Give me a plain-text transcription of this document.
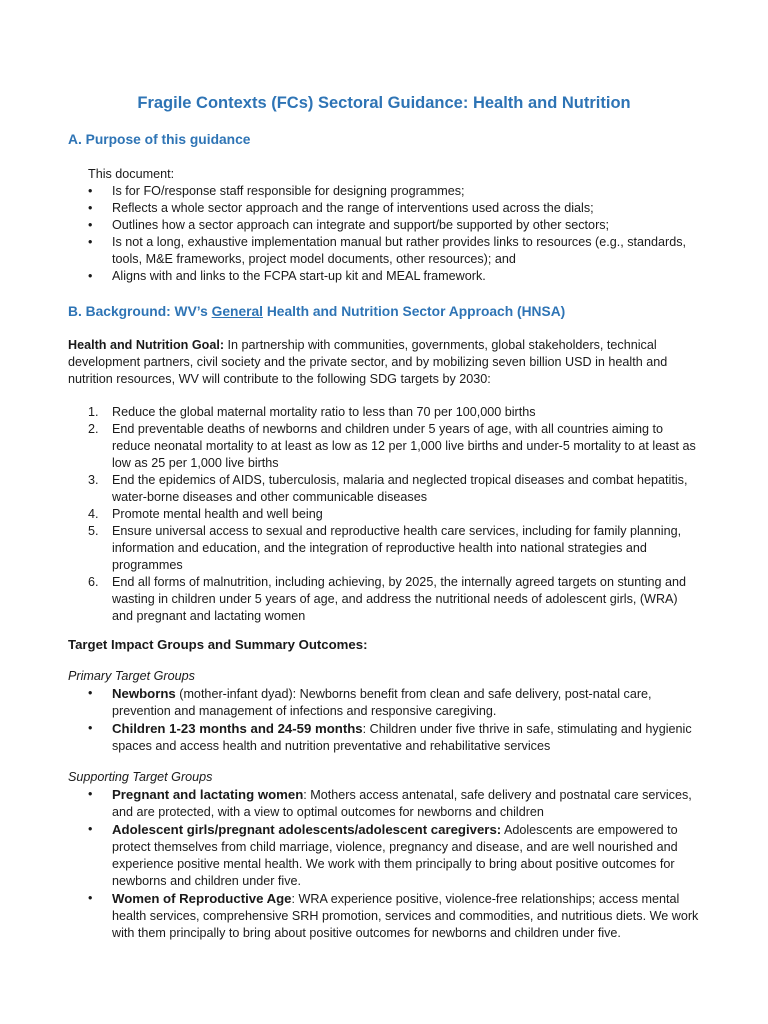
Fragile Contexts (FCs) Sectoral Guidance: Health and Nutrition
A. Purpose of this guidance
This document:
• Is for FO/response staff responsible for designing programmes;
• Reflects a whole sector approach and the range of interventions used across the dials;
• Outlines how a sector approach can integrate and support/be supported by other sectors;
• Is not a long, exhaustive implementation manual but rather provides links to resources (e.g., standards, tools, M&E frameworks, project model documents, other resources); and
• Aligns with and links to the FCPA start-up kit and MEAL framework.
B. Background: WV’s General Health and Nutrition Sector Approach (HNSA)
Health and Nutrition Goal: In partnership with communities, governments, global stakeholders, technical development partners, civil society and the private sector, and by mobilizing seven billion USD in health and nutrition resources, WV will contribute to the following SDG targets by 2030:
1. Reduce the global maternal mortality ratio to less than 70 per 100,000 births
2. End preventable deaths of newborns and children under 5 years of age, with all countries aiming to reduce neonatal mortality to at least as low as 12 per 1,000 live births and under-5 mortality to at least as low as 25 per 1,000 live births
3. End the epidemics of AIDS, tuberculosis, malaria and neglected tropical diseases and combat hepatitis, water-borne diseases and other communicable diseases
4. Promote mental health and well being
5. Ensure universal access to sexual and reproductive health care services, including for family planning, information and education, and the integration of reproductive health into national strategies and programmes
6. End all forms of malnutrition, including achieving, by 2025, the internally agreed targets on stunting and wasting in children under 5 years of age, and address the nutritional needs of adolescent girls, (WRA) and pregnant and lactating women
Target Impact Groups and Summary Outcomes:
Primary Target Groups
• Newborns (mother-infant dyad): Newborns benefit from clean and safe delivery, post-natal care, prevention and management of infections and responsive caregiving.
• Children 1-23 months and 24-59 months: Children under five thrive in safe, stimulating and hygienic spaces and access health and nutrition preventative and rehabilitative services
Supporting Target Groups
• Pregnant and lactating women: Mothers access antenatal, safe delivery and postnatal care services, and are protected, with a view to optimal outcomes for newborns and children
• Adolescent girls/pregnant adolescents/adolescent caregivers: Adolescents are empowered to protect themselves from child marriage, violence, pregnancy and disease, and are well nourished and experience positive mental health. We work with them principally to bring about positive outcomes for newborns and children under five.
• Women of Reproductive Age: WRA experience positive, violence-free relationships; access mental health services, comprehensive SRH promotion, services and commodities, and nutritious diets. We work with them principally to bring about positive outcomes for newborns and children under five.
